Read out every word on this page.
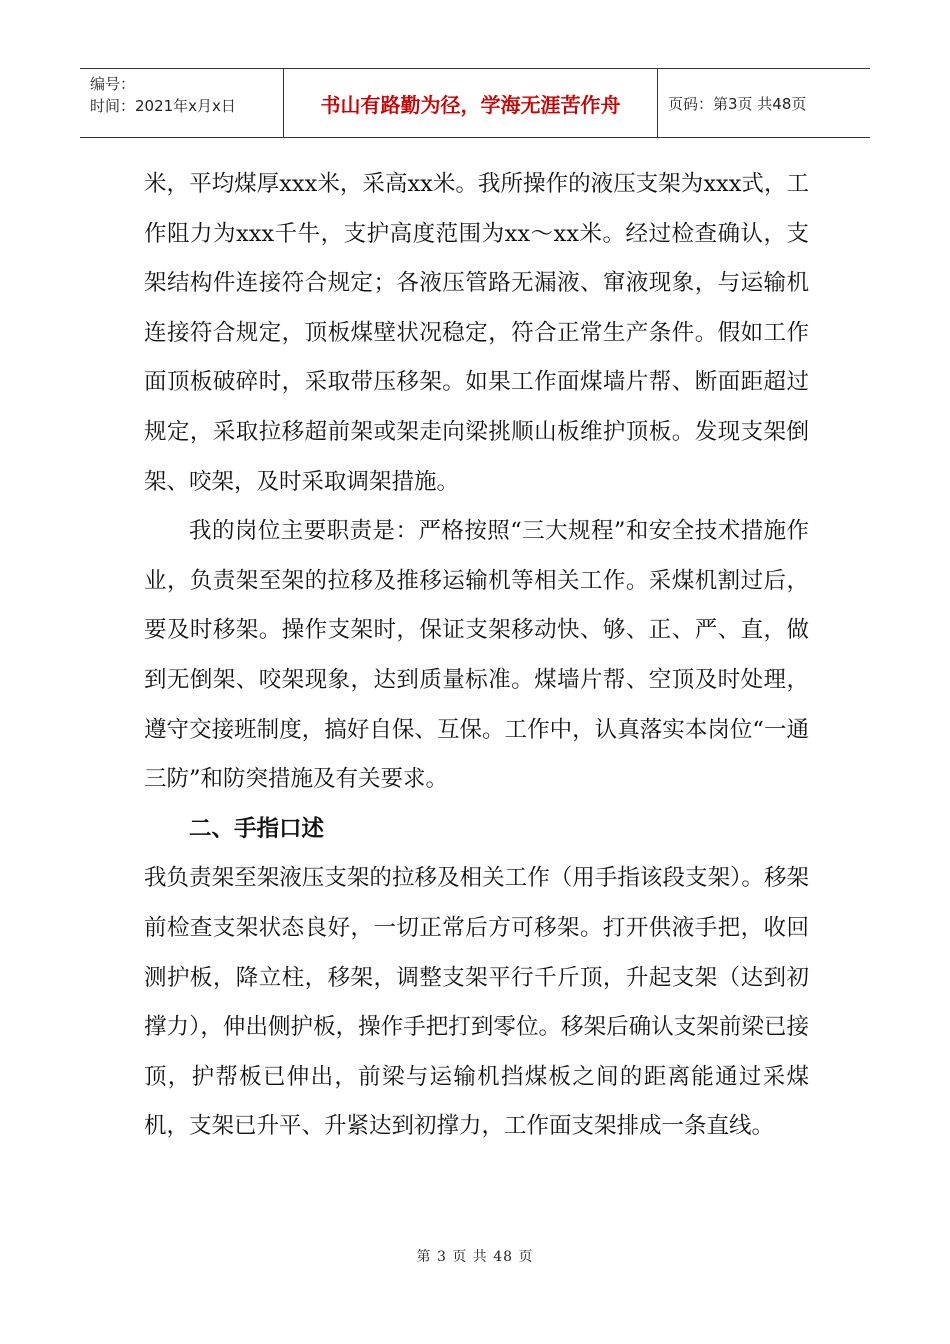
编号：
时间：2021年x月x日	书山有路勤为径，学海无涯苦作舟	页码：第3页 共48页

米，平均煤厚xxx米，采高xx米。我所操作的液压支架为xxx式，工作阻力为xxx千牛，支护高度范围为xx～xx米。经过检查确认，支架结构件连接符合规定；各液压管路无漏液、窜液现象，与运输机连接符合规定，顶板煤壁状况稳定，符合正常生产条件。假如工作面顶板破碎时，采取带压移架。如果工作面煤墙片帮、断面距超过规定，采取拉移超前架或架走向梁挑顺山板维护顶板。发现支架倒架、咬架，及时采取调架措施。

我的岗位主要职责是：严格按照“三大规程”和安全技术措施作业，负责架至架的拉移及推移运输机等相关工作。采煤机割过后，要及时移架。操作支架时，保证支架移动快、够、正、严、直，做到无倒架、咬架现象，达到质量标准。煤墙片帮、空顶及时处理，遵守交接班制度，搞好自保、互保。工作中，认真落实本岗位“一通三防”和防突措施及有关要求。

二、手指口述

我负责架至架液压支架的拉移及相关工作（用手指该段支架）。移架前检查支架状态良好，一切正常后方可移架。打开供液手把，收回测护板，降立柱，移架，调整支架平行千斤顶，升起支架（达到初撑力），伸出侧护板，操作手把打到零位。移架后确认支架前梁已接顶，护帮板已伸出，前梁与运输机挡煤板之间的距离能通过采煤机，支架已升平、升紧达到初撑力，工作面支架排成一条直线。

第 3 页 共 48 页
